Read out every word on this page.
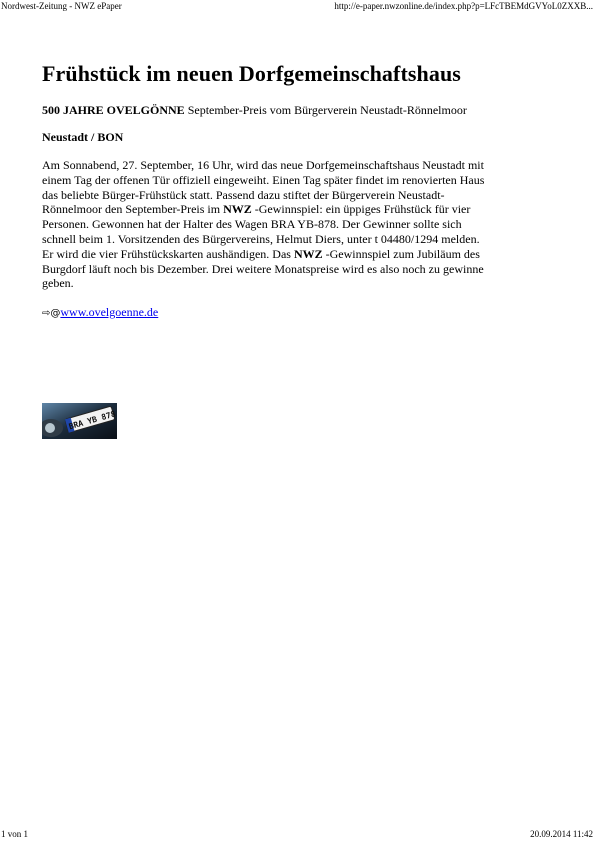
Nordwest-Zeitung - NWZ ePaper	http://e-paper.nwzonline.de/index.php?p=LFcTBEMdGVYoL0ZXXB...
Frühstück im neuen Dorfgemeinschaftshaus

500 JAHRE OVELGÖNNE September-Preis vom Bürgerverein Neustadt-Rönnelmoor

Neustadt / BON

Am Sonnabend, 27. September, 16 Uhr, wird das neue Dorfgemeinschaftshaus Neustadt mit einem Tag der offenen Tür offiziell eingeweiht. Einen Tag später findet im renovierten Haus das beliebte Bürger-Frühstück statt. Passend dazu stiftet der Bürgerverein Neustadt-Rönnelmoor den September-Preis im NWZ -Gewinnspiel: ein üppiges Frühstück für vier Personen. Gewonnen hat der Halter des Wagen BRA YB-878. Der Gewinner sollte sich schnell beim 1. Vorsitzenden des Bürgervereins, Helmut Diers, unter t 04480/1294 melden. Er wird die vier Frühstückskarten aushändigen. Das NWZ -Gewinnspiel zum Jubiläum des Burgdorf läuft noch bis Dezember. Drei weitere Monatspreise wird es also noch zu gewinne geben.

⇨@www.ovelgoenne.de

BRA YB 878
1 von 1	20.09.2014 11:42
